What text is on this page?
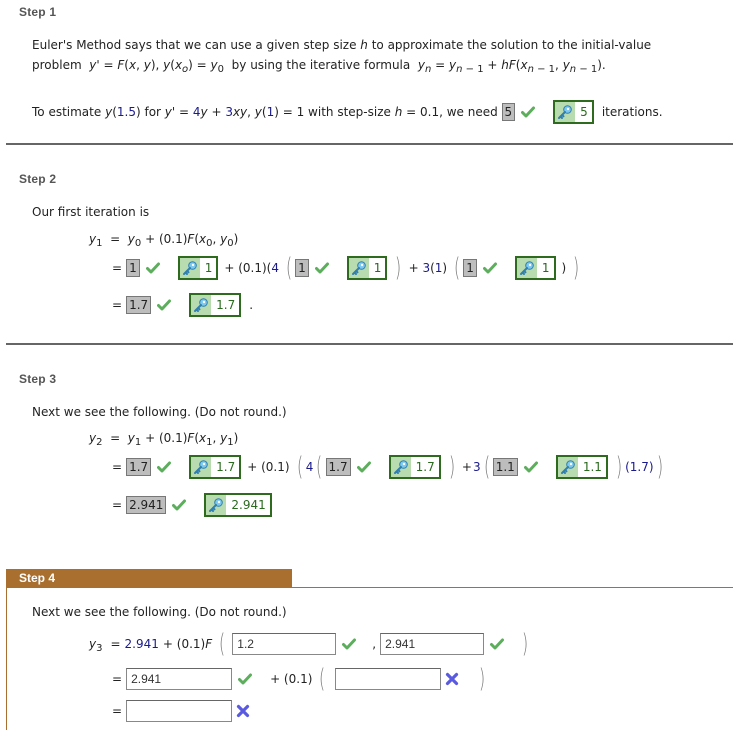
Step 1
Euler's Method says that we can use a given step size h to approximate the solution to the initial-value
problem  y' = F(x, y), $y(x_o) = y_0$  by using the iterative formula  $y_n = y_{n - 1} + hF(x_{n - 1}$, $y_{n - 1}$).
To estimate y(1.5) for y' = 4y + 3xy, y(1) = 1 with step-size h = 0.1, we need 5	5	iterations.
Step 2
Our first iteration is
$y_1 = y_0 + (0.1)F(x_0$, $y_0$)
= 1	1	+ (0.1)(4 ( 1	1 ) + 3(1) ( 1	1	) )
= 1.7	1.7	.
Step 3
Next we see the following. (Do not round.)
$y_2 = y_1 + (0.1)F(x_1$, $y_1$)
= 1.7	1.7	+ (0.1) ( 4 ( 1.7	1.7 ) + 3 ( 1.1	1.1 ) (1.7) )
= 2.941	2.941
Step 4
Next we see the following. (Do not round.)
$y_3 = 2.941 + (0.1)F$ (
1.2	,
2.941	)
=
2.941	+ (0.1) (	)
=
